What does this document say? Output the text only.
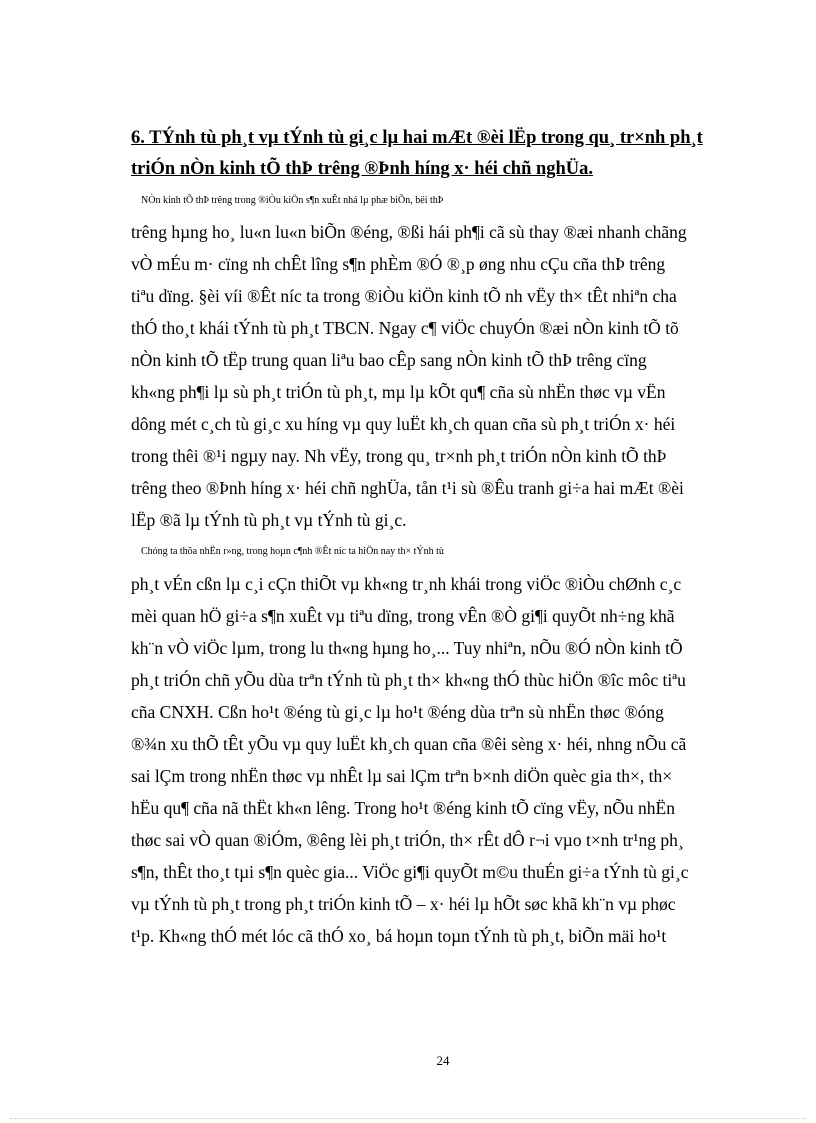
6. TÝnh tù ph¸t vµ tÝnh tù gi¸c lµ hai mÆt ®èi lËp trong qu¸ tr×nh ph¸t
triÓn nÒn kinh tÕ thÞ trêng ®Þnh híng x· héi chñ nghÜa.
NÒn kinh tÕ thÞ trêng trong ®iÒu kiÖn s¶n xuÊt nhá lµ phæ biÕn, bëi thÞ
trêng hµng ho¸ lu«n lu«n biÕn ®éng, ®ßi hái ph¶i cã sù thay ®æi nhanh chãng
vÒ mÉu m· cïng nh chÊt lîng s¶n phÈm ®Ó ®¸p øng nhu cÇu cña thÞ trêng
tiªu dïng. §èi víi ®Êt níc ta trong ®iÒu kiÖn kinh tÕ nh vËy th× tÊt nhiªn cha
thÓ tho¸t khái tÝnh tù ph¸t TBCN. Ngay c¶ viÖc chuyÓn ®æi nÒn kinh tÕ tõ
nÒn kinh tÕ tËp trung quan liªu bao cÊp sang nÒn kinh tÕ thÞ trêng cïng
kh«ng ph¶i lµ sù ph¸t triÓn tù ph¸t, mµ lµ kÕt qu¶ cña sù nhËn thøc vµ vËn
dông mét c¸ch tù gi¸c xu híng vµ quy luËt kh¸ch quan cña sù ph¸t triÓn x· héi
trong thêi ®¹i ngµy nay. Nh vËy, trong qu¸ tr×nh ph¸t triÓn nÒn kinh tÕ thÞ
trêng theo ®Þnh híng x· héi chñ nghÜa, tån t¹i sù ®Êu tranh gi÷a hai mÆt ®èi
lËp ®ã lµ tÝnh tù ph¸t vµ tÝnh tù gi¸c.
Chóng ta thõa nhËn r»ng, trong hoµn c¶nh ®Êt níc ta hiÖn nay th× tÝnh tù
ph¸t vÉn cßn lµ c¸i cÇn thiÕt vµ kh«ng tr¸nh khái trong viÖc ®iÒu chØnh c¸c
mèi quan hÖ gi÷a s¶n xuÊt vµ tiªu dïng, trong vÊn ®Ò gi¶i quyÕt nh÷ng khã
kh¨n vÒ viÖc lµm, trong lu th«ng hµng ho¸... Tuy nhiªn, nÕu ®Ó nÒn kinh tÕ
ph¸t triÓn chñ yÕu dùa trªn tÝnh tù ph¸t th× kh«ng thÓ thùc hiÖn ®îc môc tiªu
cña CNXH. Cßn ho¹t ®éng tù gi¸c lµ ho¹t ®éng dùa trªn sù nhËn thøc ®óng
®¾n xu thÕ tÊt yÕu vµ quy luËt kh¸ch quan cña ®êi sèng x· héi, nhng nÕu cã
sai lÇm trong nhËn thøc vµ nhÊt lµ sai lÇm trªn b×nh diÖn quèc gia th×, th×
hËu qu¶ cña nã thËt kh«n lêng. Trong ho¹t ®éng kinh tÕ cïng vËy, nÕu nhËn
thøc sai vÒ quan ®iÓm, ®êng lèi ph¸t triÓn, th× rÊt dÔ r¬i vµo t×nh tr¹ng ph¸
s¶n, thÊt tho¸t tµi s¶n quèc gia... ViÖc gi¶i quyÕt m©u thuÉn gi÷a tÝnh tù gi¸c
vµ tÝnh tù ph¸t trong ph¸t triÓn kinh tÕ – x· héi lµ hÕt søc khã kh¨n vµ phøc
t¹p. Kh«ng thÓ mét lóc cã thÓ xo¸ bá hoµn toµn tÝnh tù ph¸t, biÕn mäi ho¹t
24
